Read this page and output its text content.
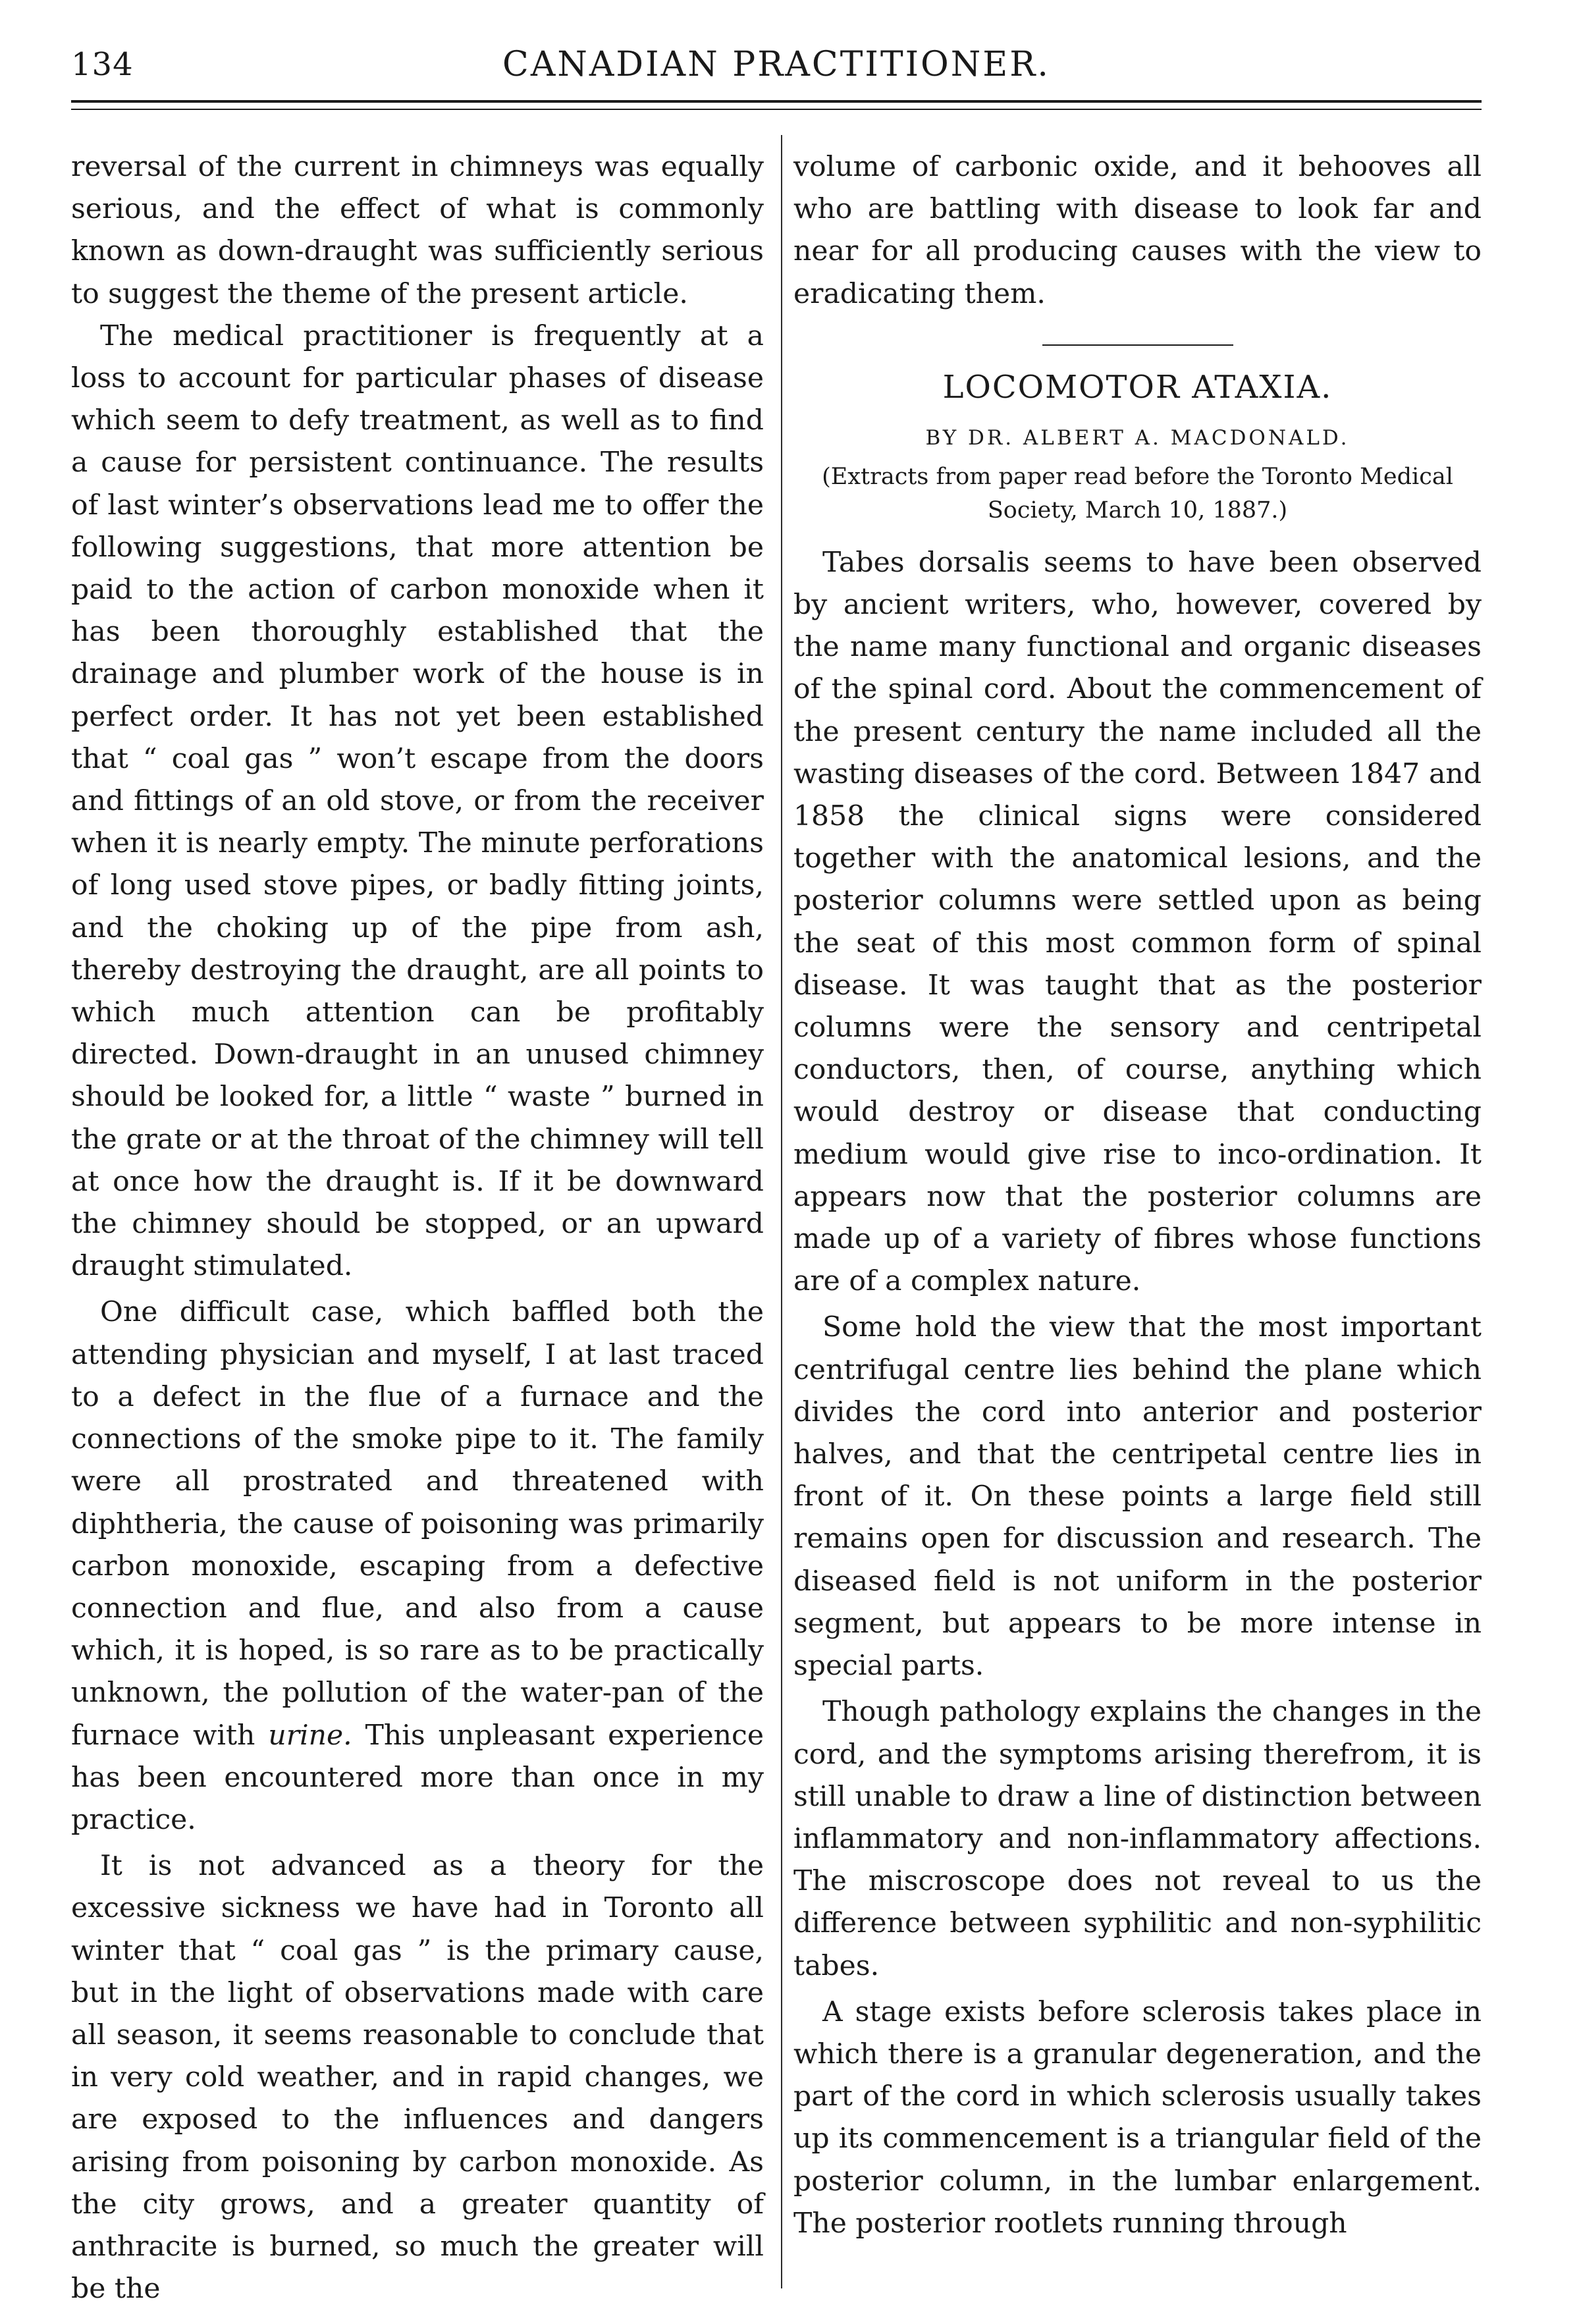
134	CANADIAN PRACTITIONER.

reversal of the current in chimneys was equally serious, and the effect of what is commonly known as down-draught was sufficiently serious to suggest the theme of the present article.

The medical practitioner is frequently at a loss to account for particular phases of disease which seem to defy treatment, as well as to find a cause for persistent continuance. The results of last winter’s observations lead me to offer the following suggestions, that more attention be paid to the action of carbon monoxide when it has been thoroughly established that the drainage and plumber work of the house is in perfect order. It has not yet been established that “ coal gas ” won’t escape from the doors and fittings of an old stove, or from the receiver when it is nearly empty. The minute perforations of long used stove pipes, or badly fitting joints, and the choking up of the pipe from ash, thereby destroying the draught, are all points to which much attention can be profitably directed. Down-draught in an unused chimney should be looked for, a little “ waste ” burned in the grate or at the throat of the chimney will tell at once how the draught is. If it be downward the chimney should be stopped, or an upward draught stimulated.

One difficult case, which baffled both the attending physician and myself, I at last traced to a defect in the flue of a furnace and the connections of the smoke pipe to it. The family were all prostrated and threatened with diphtheria, the cause of poisoning was primarily carbon monoxide, escaping from a defective connection and flue, and also from a cause which, it is hoped, is so rare as to be practically unknown, the pollution of the water-pan of the furnace with urine. This unpleasant experience has been encountered more than once in my practice.

It is not advanced as a theory for the excessive sickness we have had in Toronto all winter that “ coal gas ” is the primary cause, but in the light of observations made with care all season, it seems reasonable to conclude that in very cold weather, and in rapid changes, we are exposed to the influences and dangers arising from poisoning by carbon monoxide. As the city grows, and a greater quantity of anthracite is burned, so much the greater will be the

volume of carbonic oxide, and it behooves all who are battling with disease to look far and near for all producing causes with the view to eradicating them.

LOCOMOTOR ATAXIA.
BY DR. ALBERT A. MACDONALD.
(Extracts from paper read before the Toronto Medical Society, March 10, 1887.)

Tabes dorsalis seems to have been observed by ancient writers, who, however, covered by the name many functional and organic diseases of the spinal cord. About the commencement of the present century the name included all the wasting diseases of the cord. Between 1847 and 1858 the clinical signs were considered together with the anatomical lesions, and the posterior columns were settled upon as being the seat of this most common form of spinal disease. It was taught that as the posterior columns were the sensory and centripetal conductors, then, of course, anything which would destroy or disease that conducting medium would give rise to inco-ordination. It appears now that the posterior columns are made up of a variety of fibres whose functions are of a complex nature.

Some hold the view that the most important centrifugal centre lies behind the plane which divides the cord into anterior and posterior halves, and that the centripetal centre lies in front of it. On these points a large field still remains open for discussion and research. The diseased field is not uniform in the posterior segment, but appears to be more intense in special parts.

Though pathology explains the changes in the cord, and the symptoms arising therefrom, it is still unable to draw a line of distinction between inflammatory and non-inflammatory affections. The miscroscope does not reveal to us the difference between syphilitic and non-syphilitic tabes.

A stage exists before sclerosis takes place in which there is a granular degeneration, and the part of the cord in which sclerosis usually takes up its commencement is a triangular field of the posterior column, in the lumbar enlargement. The posterior rootlets running through
